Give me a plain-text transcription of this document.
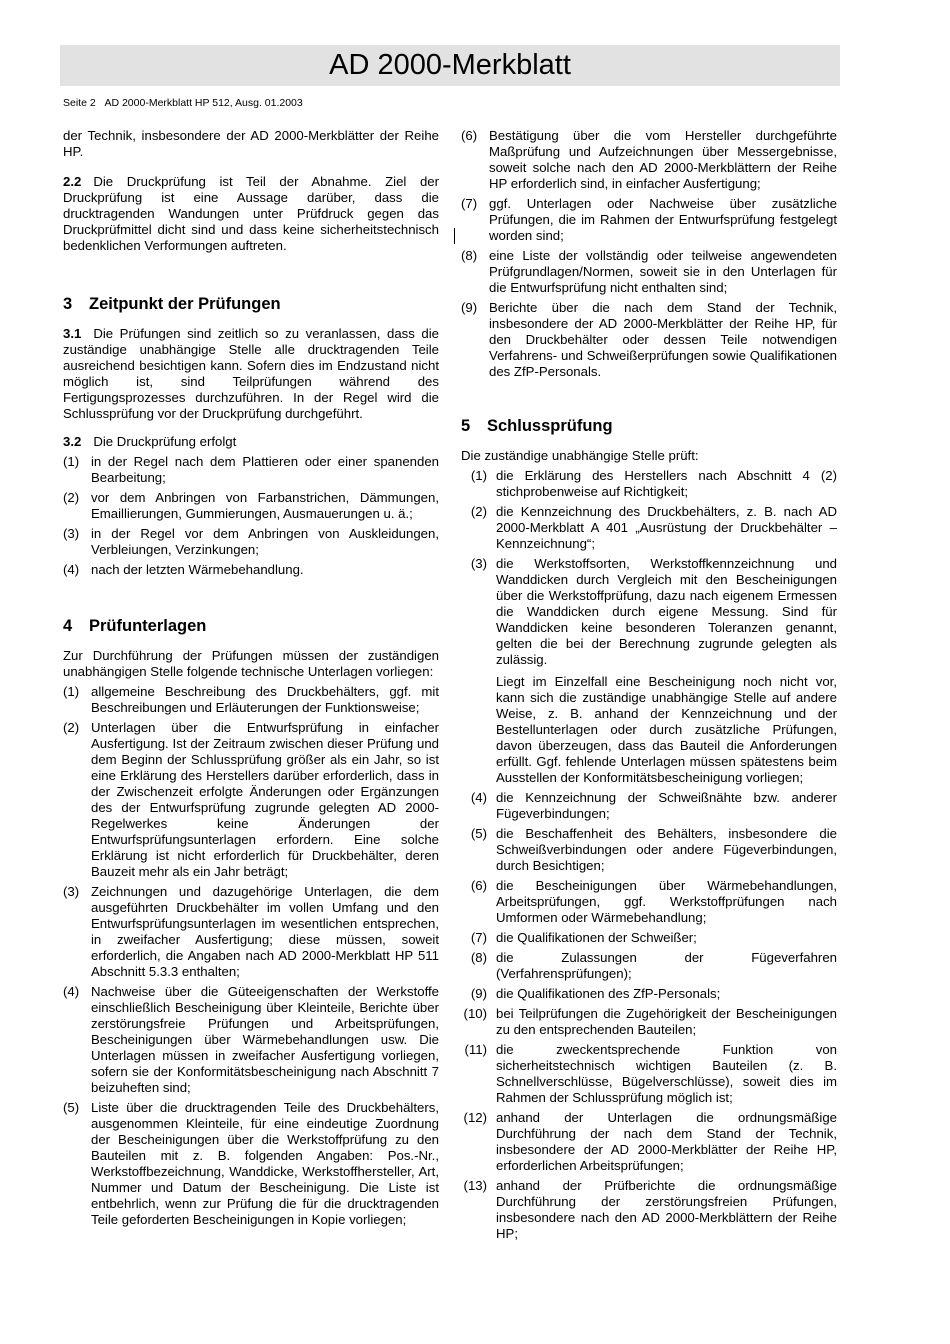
AD 2000-Merkblatt
Seite 2 AD 2000-Merkblatt HP 512, Ausg. 01.2003

der Technik, insbesondere der AD 2000-Merkblätter der Reihe HP.

2.2 Die Druckprüfung ist Teil der Abnahme. Ziel der Druckprüfung ist eine Aussage darüber, dass die drucktragenden Wandungen unter Prüfdruck gegen das Druckprüfmittel dicht sind und dass keine sicherheitstechnisch bedenklichen Verformungen auftreten.

3 Zeitpunkt der Prüfungen

3.1 Die Prüfungen sind zeitlich so zu veranlassen, dass die zuständige unabhängige Stelle alle drucktragenden Teile ausreichend besichtigen kann. Sofern dies im Endzustand nicht möglich ist, sind Teilprüfungen während des Fertigungsprozesses durchzuführen. In der Regel wird die Schlussprüfung vor der Druckprüfung durchgeführt.

3.2 Die Druckprüfung erfolgt

(1) in der Regel nach dem Plattieren oder einer spanenden Bearbeitung;
(2) vor dem Anbringen von Farbanstrichen, Dämmungen, Emaillierungen, Gummierungen, Ausmauerungen u. ä.;
(3) in der Regel vor dem Anbringen von Auskleidungen, Verbleiungen, Verzinkungen;
(4) nach der letzten Wärmebehandlung.
4 Prüfunterlagen

Zur Durchführung der Prüfungen müssen der zuständigen unabhängigen Stelle folgende technische Unterlagen vorliegen:

(1) allgemeine Beschreibung des Druckbehälters, ggf. mit Beschreibungen und Erläuterungen der Funktionsweise;
(2) Unterlagen über die Entwurfsprüfung in einfacher Ausfertigung. Ist der Zeitraum zwischen dieser Prüfung und dem Beginn der Schlussprüfung größer als ein Jahr, so ist eine Erklärung des Herstellers darüber erforderlich, dass in der Zwischenzeit erfolgte Änderungen oder Ergänzungen des der Entwurfsprüfung zugrunde gelegten AD 2000-Regelwerkes keine Änderungen der Entwurfsprüfungsunterlagen erfordern. Eine solche Erklärung ist nicht erforderlich für Druckbehälter, deren Bauzeit mehr als ein Jahr beträgt;
(3) Zeichnungen und dazugehörige Unterlagen, die dem ausgeführten Druckbehälter im vollen Umfang und den Entwurfsprüfungsunterlagen im wesentlichen entsprechen, in zweifacher Ausfertigung; diese müssen, soweit erforderlich, die Angaben nach AD 2000-Merkblatt HP 511 Abschnitt 5.3.3 enthalten;
(4) Nachweise über die Güteeigenschaften der Werkstoffe einschließlich Bescheinigung über Kleinteile, Berichte über zerstörungsfreie Prüfungen und Arbeitsprüfungen, Bescheinigungen über Wärmebehandlungen usw. Die Unterlagen müssen in zweifacher Ausfertigung vorliegen, sofern sie der Konformitätsbescheinigung nach Abschnitt 7 beizuheften sind;
(5) Liste über die drucktragenden Teile des Druckbehälters, ausgenommen Kleinteile, für eine eindeutige Zuordnung der Bescheinigungen über die Werkstoffprüfung zu den Bauteilen mit z. B. folgenden Angaben: Pos.-Nr., Werkstoffbezeichnung, Wanddicke, Werkstoffhersteller, Art, Nummer und Datum der Bescheinigung. Die Liste ist entbehrlich, wenn zur Prüfung die für die drucktragenden Teile geforderten Bescheinigungen in Kopie vorliegen;
(6) Bestätigung über die vom Hersteller durchgeführte Maßprüfung und Aufzeichnungen über Messergebnisse, soweit solche nach den AD 2000-Merkblättern der Reihe HP erforderlich sind, in einfacher Ausfertigung;
(7) ggf. Unterlagen oder Nachweise über zusätzliche Prüfungen, die im Rahmen der Entwurfsprüfung festgelegt worden sind;
(8) eine Liste der vollständig oder teilweise angewendeten Prüfgrundlagen/Normen, soweit sie in den Unterlagen für die Entwurfsprüfung nicht enthalten sind;
(9) Berichte über die nach dem Stand der Technik, insbesondere der AD 2000-Merkblätter der Reihe HP, für den Druckbehälter oder dessen Teile notwendigen Verfahrens- und Schweißerprüfungen sowie Qualifikationen des ZfP-Personals.
5 Schlussprüfung

Die zuständige unabhängige Stelle prüft:

(1) die Erklärung des Herstellers nach Abschnitt 4 (2) stichprobenweise auf Richtigkeit;
(2) die Kennzeichnung des Druckbehälters, z. B. nach AD 2000-Merkblatt A 401 „Ausrüstung der Druckbehälter – Kennzeichnung“;
(3) die Werkstoffsorten, Werkstoffkennzeichnung und Wanddicken durch Vergleich mit den Bescheinigungen über die Werkstoffprüfung, dazu nach eigenem Ermessen die Wanddicken durch eigene Messung. Sind für Wanddicken keine besonderen Toleranzen genannt, gelten die bei der Berechnung zugrunde gelegten als zulässig.

Liegt im Einzelfall eine Bescheinigung noch nicht vor, kann sich die zuständige unabhängige Stelle auf andere Weise, z. B. anhand der Kennzeichnung und der Bestellunterlagen oder durch zusätzliche Prüfungen, davon überzeugen, dass das Bauteil die Anforderungen erfüllt. Ggf. fehlende Unterlagen müssen spätestens beim Ausstellen der Konformitätsbescheinigung vorliegen;

(4) die Kennzeichnung der Schweißnähte bzw. anderer Fügeverbindungen;
(5) die Beschaffenheit des Behälters, insbesondere die Schweißverbindungen oder andere Fügeverbindungen, durch Besichtigen;
(6) die Bescheinigungen über Wärmebehandlungen, Arbeitsprüfungen, ggf. Werkstoffprüfungen nach Umformen oder Wärmebehandlung;
(7) die Qualifikationen der Schweißer;
(8) die Zulassungen der Fügeverfahren (Verfahrensprüfungen);
(9) die Qualifikationen des ZfP-Personals;
(10) bei Teilprüfungen die Zugehörigkeit der Bescheinigungen zu den entsprechenden Bauteilen;
(11) die zweckentsprechende Funktion von sicherheitstechnisch wichtigen Bauteilen (z. B. Schnellverschlüsse, Bügelverschlüsse), soweit dies im Rahmen der Schlussprüfung möglich ist;
(12) anhand der Unterlagen die ordnungsmäßige Durchführung der nach dem Stand der Technik, insbesondere der AD 2000-Merkblätter der Reihe HP, erforderlichen Arbeitsprüfungen;
(13) anhand der Prüfberichte die ordnungsmäßige Durchführung der zerstörungsfreien Prüfungen, insbesondere nach den AD 2000-Merkblättern der Reihe HP;
